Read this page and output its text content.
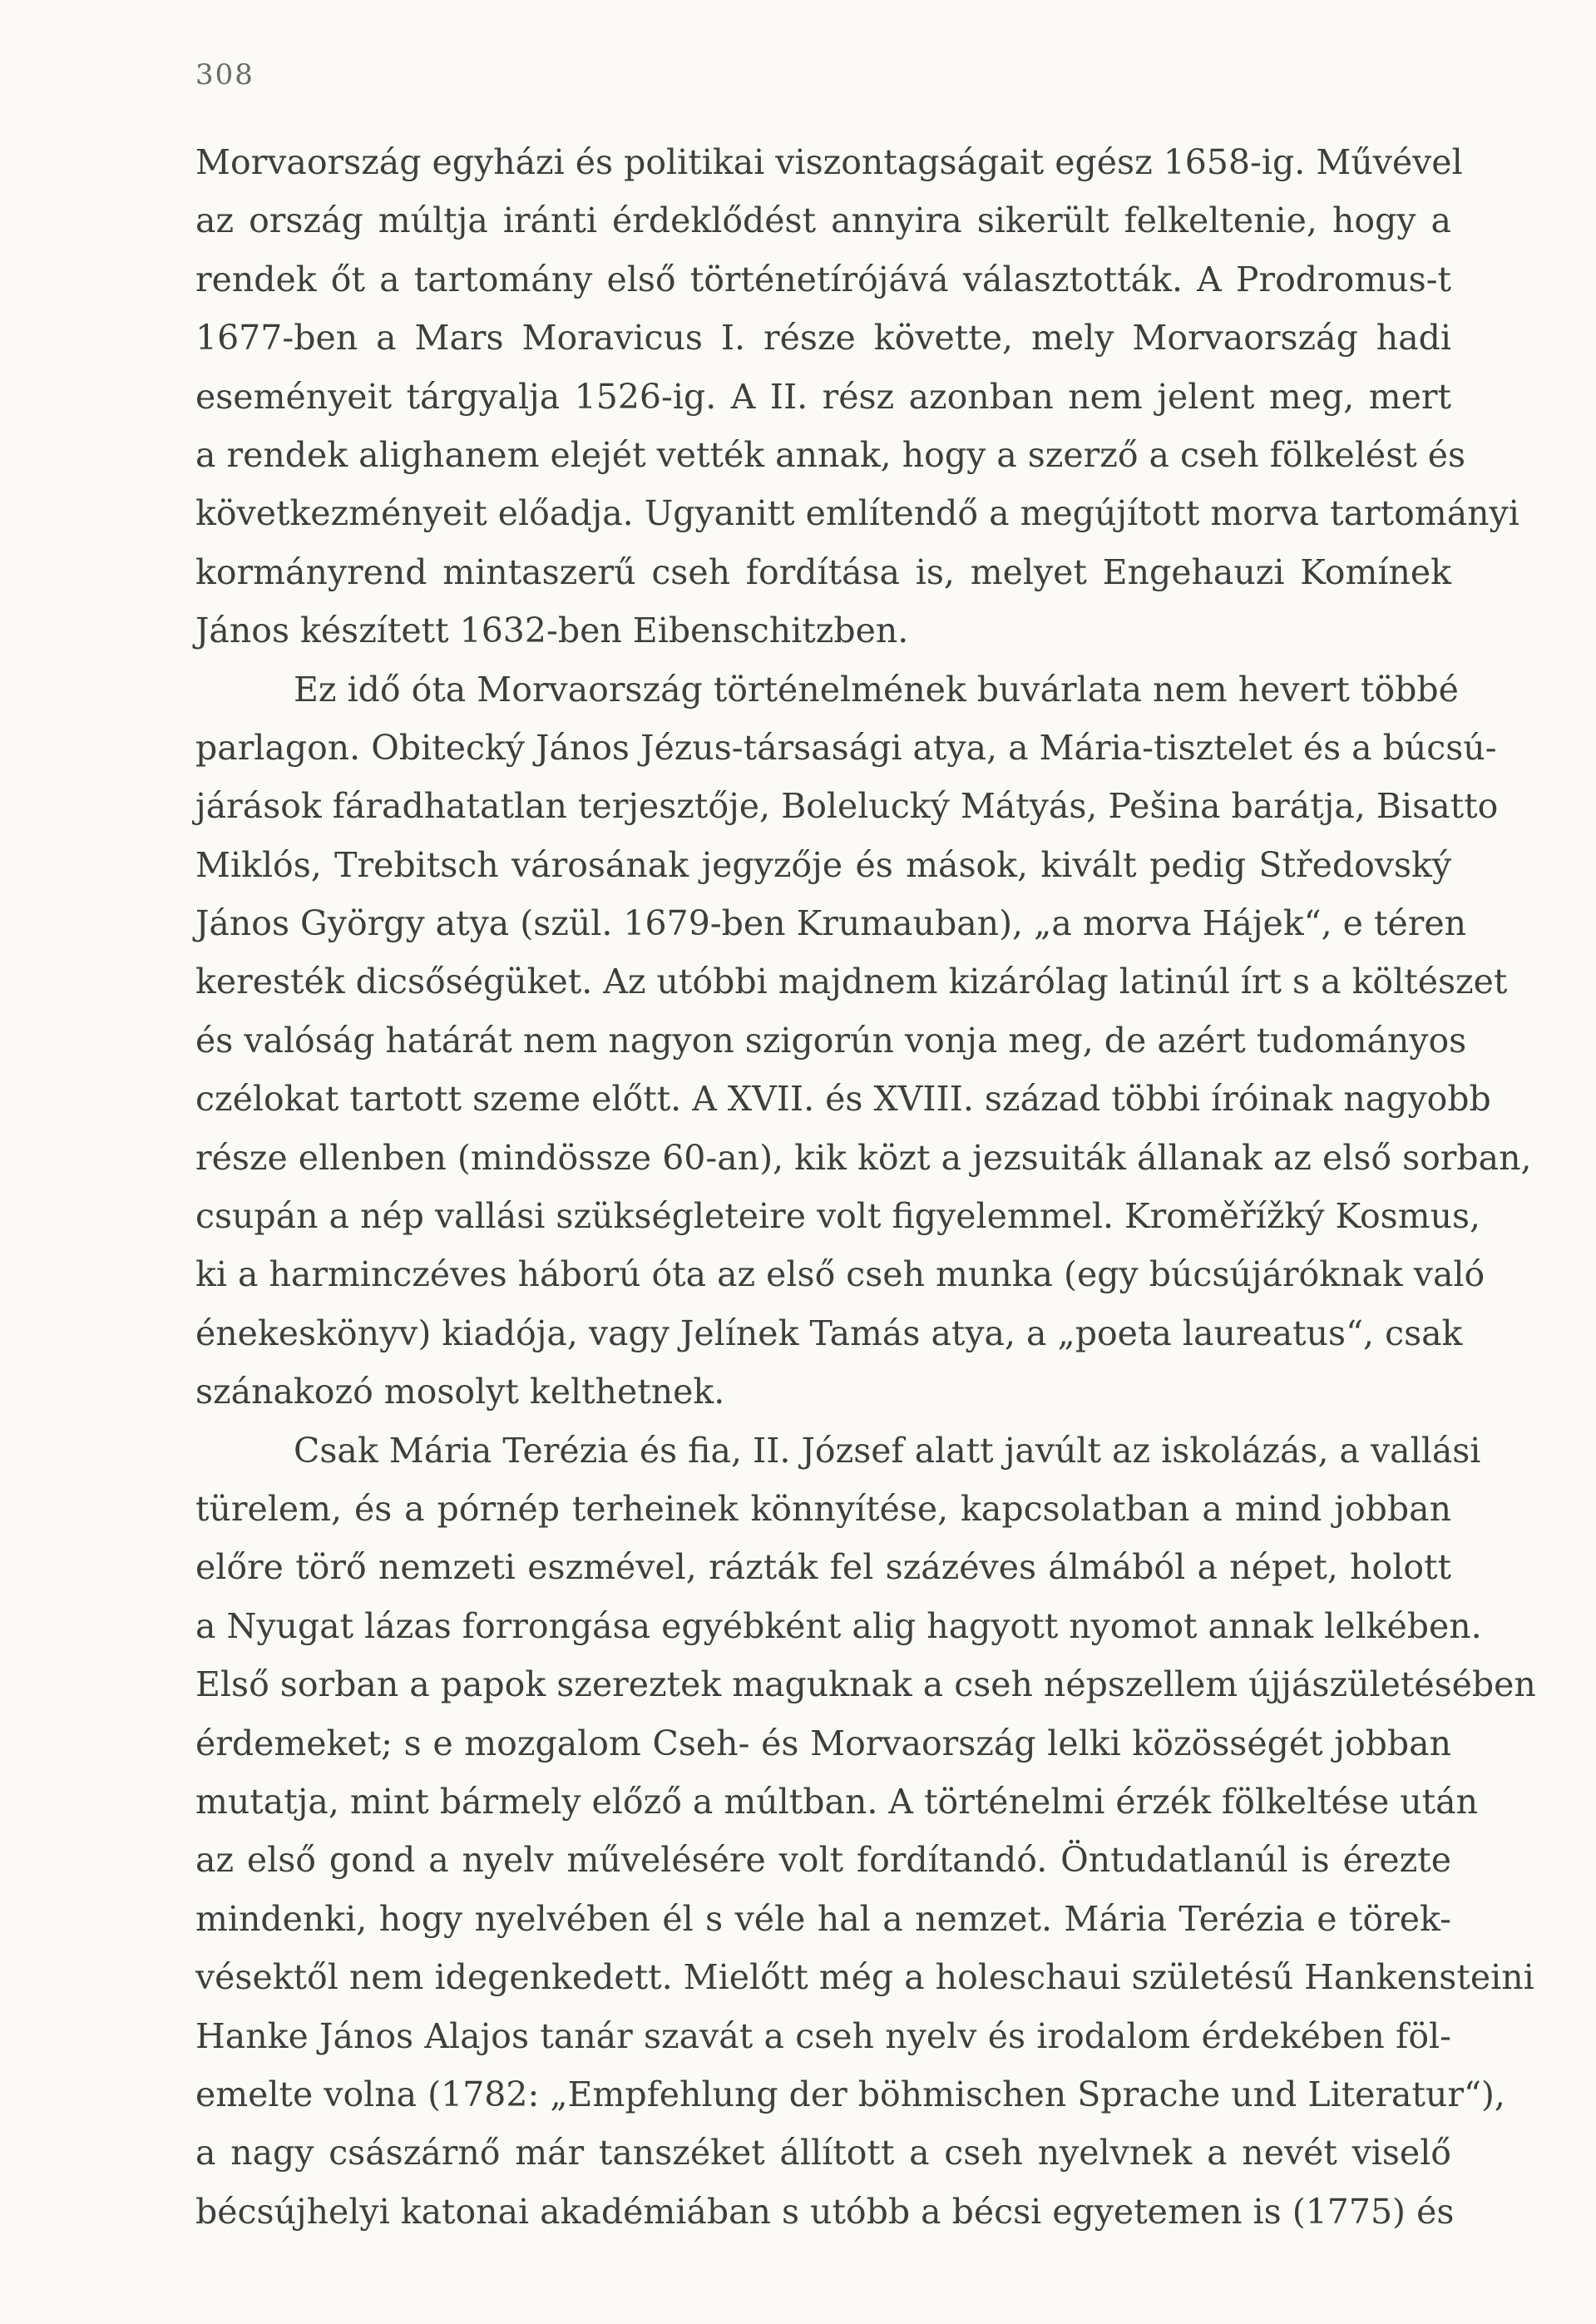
308
Morvaország egyházi és politikai viszontagságait egész 1658-ig. Művével
az ország múltja iránti érdeklődést annyira sikerült felkeltenie, hogy a
rendek őt a tartomány első történetírójává választották. A Prodromus-t
1677-ben a Mars Moravicus I. része követte, mely Morvaország hadi
eseményeit tárgyalja 1526-ig. A II. rész azonban nem jelent meg, mert
a rendek alighanem elejét vették annak, hogy a szerző a cseh fölkelést és
következményeit előadja. Ugyanitt említendő a megújított morva tartományi
kormányrend mintaszerű cseh fordítása is, melyet Engehauzi Komínek
János készített 1632-ben Eibenschitzben.
Ez idő óta Morvaország történelmének buvárlata nem hevert többé
parlagon. Obitecký János Jézus-társasági atya, a Mária-tisztelet és a búcsú-
járások fáradhatatlan terjesztője, Bolelucký Mátyás, Pešina barátja, Bisatto
Miklós, Trebitsch városának jegyzője és mások, kivált pedig Středovský
János György atya (szül. 1679-ben Krumauban), „a morva Hájek“, e téren
keresték dicsőségüket. Az utóbbi majdnem kizárólag latinúl írt s a költészet
és valóság határát nem nagyon szigorún vonja meg, de azért tudományos
czélokat tartott szeme előtt. A XVII. és XVIII. század többi íróinak nagyobb
része ellenben (mindössze 60-an), kik közt a jezsuiták állanak az első sorban,
csupán a nép vallási szükségleteire volt figyelemmel. Kroměřížký Kosmus,
ki a harminczéves háború óta az első cseh munka (egy búcsújáróknak való
énekeskönyv) kiadója, vagy Jelínek Tamás atya, a „poeta laureatus“, csak
szánakozó mosolyt kelthetnek.
Csak Mária Terézia és fia, II. József alatt javúlt az iskolázás, a vallási
türelem, és a pórnép terheinek könnyítése, kapcsolatban a mind jobban
előre törő nemzeti eszmével, rázták fel százéves álmából a népet, holott
a Nyugat lázas forrongása egyébként alig hagyott nyomot annak lelkében.
Első sorban a papok szereztek maguknak a cseh népszellem újjászületésében
érdemeket; s e mozgalom Cseh- és Morvaország lelki közösségét jobban
mutatja, mint bármely előző a múltban. A történelmi érzék fölkeltése után
az első gond a nyelv művelésére volt fordítandó. Öntudatlanúl is érezte
mindenki, hogy nyelvében él s véle hal a nemzet. Mária Terézia e törek-
vésektől nem idegenkedett. Mielőtt még a holeschaui születésű Hankensteini
Hanke János Alajos tanár szavát a cseh nyelv és irodalom érdekében föl-
emelte volna (1782: „Empfehlung der böhmischen Sprache und Literatur“),
a nagy császárnő már tanszéket állított a cseh nyelvnek a nevét viselő
bécsújhelyi katonai akadémiában s utóbb a bécsi egyetemen is (1775) és
